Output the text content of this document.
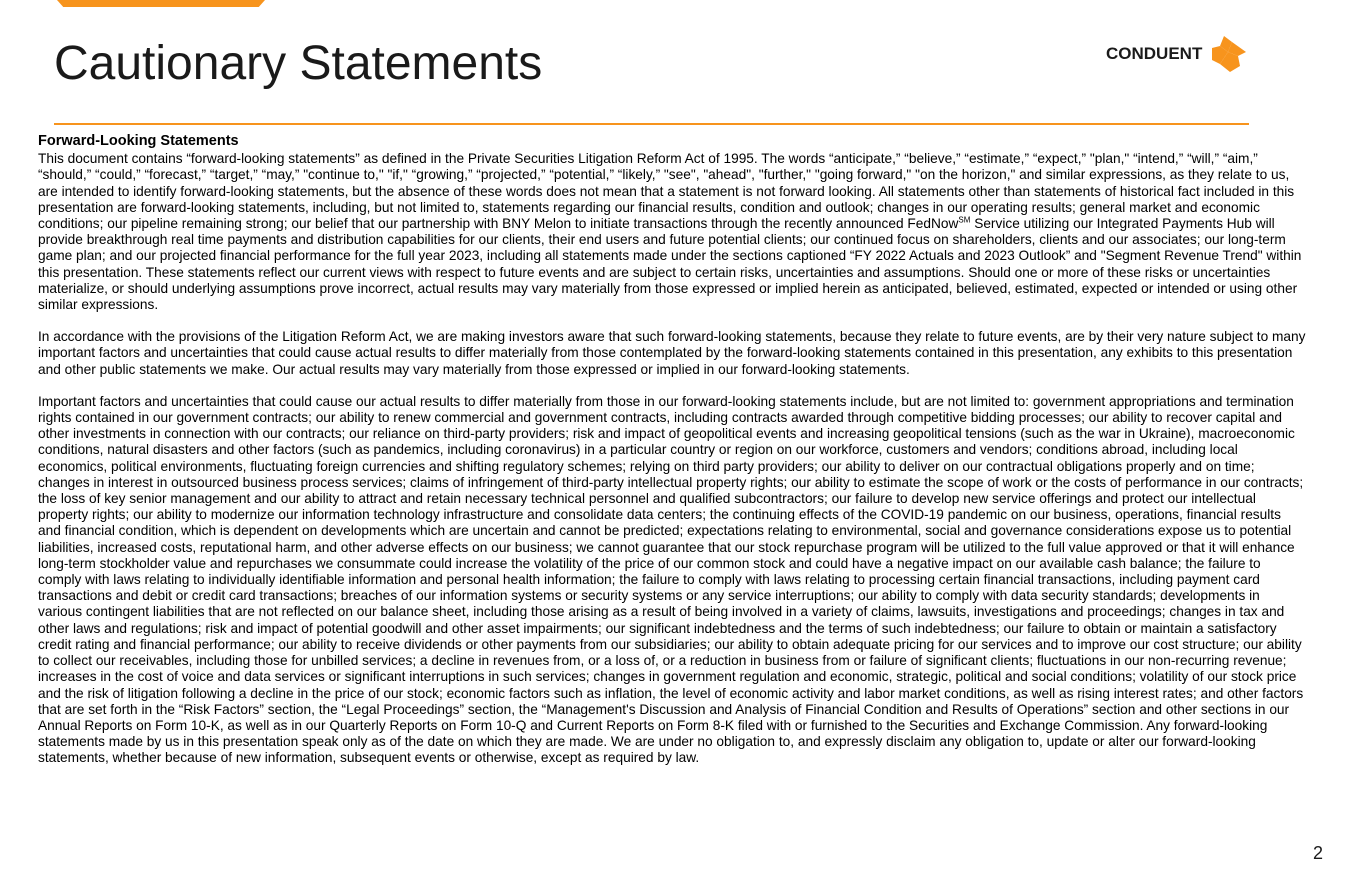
Cautionary Statements	CONDUENT
Forward-Looking Statements

This document contains “forward-looking statements” as defined in the Private Securities Litigation Reform Act of 1995. The words “anticipate,” “believe,” “estimate,” “expect,” "plan," “intend,” “will,” “aim,” “should,” “could,” “forecast,” “target,” “may,” "continue to," "if," “growing,” “projected,” “potential,” “likely,” "see", "ahead", "further," "going forward," "on the horizon," and similar expressions, as they relate to us, are intended to identify forward-looking statements, but the absence of these words does not mean that a statement is not forward looking. All statements other than statements of historical fact included in this presentation are forward-looking statements, including, but not limited to, statements regarding our financial results, condition and outlook; changes in our operating results; general market and economic conditions; our pipeline remaining strong; our belief that our partnership with BNY Melon to initiate transactions through the recently announced FedNow℠ Service utilizing our Integrated Payments Hub will provide breakthrough real time payments and distribution capabilities for our clients, their end users and future potential clients; our continued focus on shareholders, clients and our associates; our long-term game plan; and our projected financial performance for the full year 2023, including all statements made under the sections captioned “FY 2022 Actuals and 2023 Outlook” and "Segment Revenue Trend" within this presentation. These statements reflect our current views with respect to future events and are subject to certain risks, uncertainties and assumptions. Should one or more of these risks or uncertainties materialize, or should underlying assumptions prove incorrect, actual results may vary materially from those expressed or implied herein as anticipated, believed, estimated, expected or intended or using other similar expressions.

In accordance with the provisions of the Litigation Reform Act, we are making investors aware that such forward-looking statements, because they relate to future events, are by their very nature subject to many important factors and uncertainties that could cause actual results to differ materially from those contemplated by the forward-looking statements contained in this presentation, any exhibits to this presentation and other public statements we make. Our actual results may vary materially from those expressed or implied in our forward-looking statements.

Important factors and uncertainties that could cause our actual results to differ materially from those in our forward-looking statements include, but are not limited to: government appropriations and termination rights contained in our government contracts; our ability to renew commercial and government contracts, including contracts awarded through competitive bidding processes; our ability to recover capital and other investments in connection with our contracts; our reliance on third-party providers; risk and impact of geopolitical events and increasing geopolitical tensions (such as the war in Ukraine), macroeconomic conditions, natural disasters and other factors (such as pandemics, including coronavirus) in a particular country or region on our workforce, customers and vendors; conditions abroad, including local economics, political environments, fluctuating foreign currencies and shifting regulatory schemes; relying on third party providers; our ability to deliver on our contractual obligations properly and on time; changes in interest in outsourced business process services; claims of infringement of third-party intellectual property rights; our ability to estimate the scope of work or the costs of performance in our contracts; the loss of key senior management and our ability to attract and retain necessary technical personnel and qualified subcontractors; our failure to develop new service offerings and protect our intellectual property rights; our ability to modernize our information technology infrastructure and consolidate data centers; the continuing effects of the COVID-19 pandemic on our business, operations, financial results and financial condition, which is dependent on developments which are uncertain and cannot be predicted; expectations relating to environmental, social and governance considerations expose us to potential liabilities, increased costs, reputational harm, and other adverse effects on our business; we cannot guarantee that our stock repurchase program will be utilized to the full value approved or that it will enhance long-term stockholder value and repurchases we consummate could increase the volatility of the price of our common stock and could have a negative impact on our available cash balance; the failure to comply with laws relating to individually identifiable information and personal health information; the failure to comply with laws relating to processing certain financial transactions, including payment card transactions and debit or credit card transactions; breaches of our information systems or security systems or any service interruptions; our ability to comply with data security standards; developments in various contingent liabilities that are not reflected on our balance sheet, including those arising as a result of being involved in a variety of claims, lawsuits, investigations and proceedings; changes in tax and other laws and regulations; risk and impact of potential goodwill and other asset impairments; our significant indebtedness and the terms of such indebtedness; our failure to obtain or maintain a satisfactory credit rating and financial performance; our ability to receive dividends or other payments from our subsidiaries; our ability to obtain adequate pricing for our services and to improve our cost structure; our ability to collect our receivables, including those for unbilled services; a decline in revenues from, or a loss of, or a reduction in business from or failure of significant clients; fluctuations in our non-recurring revenue; increases in the cost of voice and data services or significant interruptions in such services; changes in government regulation and economic, strategic, political and social conditions; volatility of our stock price and the risk of litigation following a decline in the price of our stock; economic factors such as inflation, the level of economic activity and labor market conditions, as well as rising interest rates; and other factors that are set forth in the “Risk Factors” section, the “Legal Proceedings” section, the “Management's Discussion and Analysis of Financial Condition and Results of Operations” section and other sections in our Annual Reports on Form 10-K, as well as in our Quarterly Reports on Form 10-Q and Current Reports on Form 8-K filed with or furnished to the Securities and Exchange Commission. Any forward-looking statements made by us in this presentation speak only as of the date on which they are made. We are under no obligation to, and expressly disclaim any obligation to, update or alter our forward-looking statements, whether because of new information, subsequent events or otherwise, except as required by law.

2
